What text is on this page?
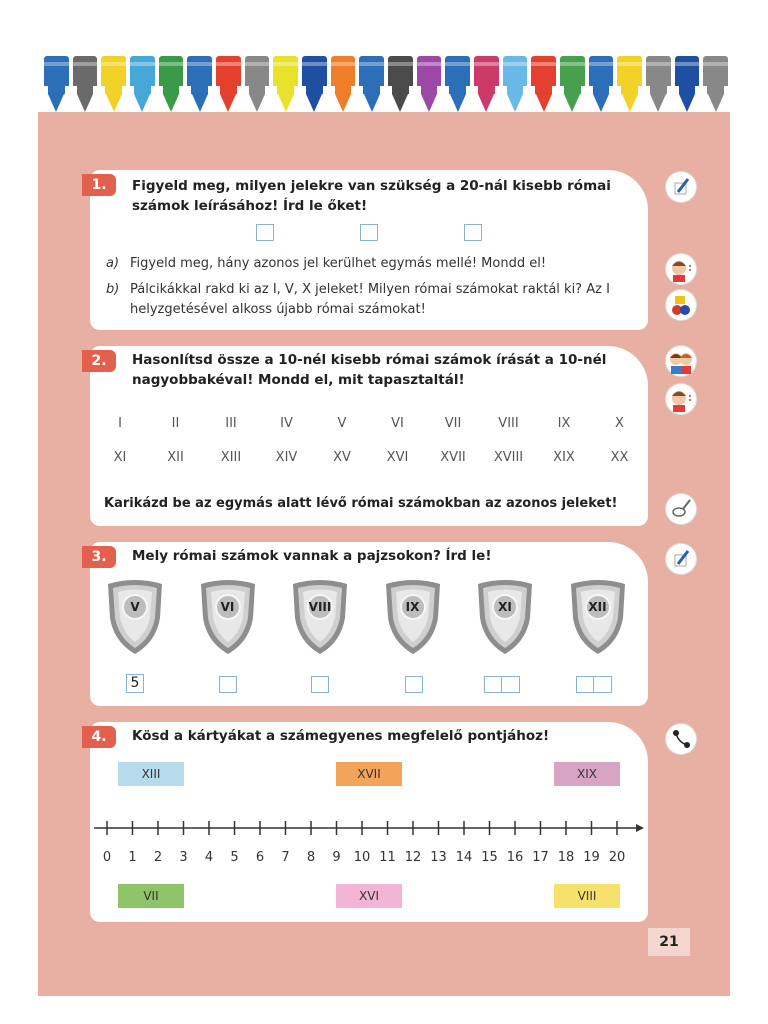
1 .	Figyeld meg, milyen jelekre van szükség a 20-nál kisebb római számok leírásához! Írd le őket!
a) Figyeld meg, hány azonos jel kerülhet egymás mellé! Mondd el!
b) Pálcikákkal rakd ki az I, V, X jeleket! Milyen római számokat raktál ki? Az I helyzgetésével alkoss újabb római számokat!
2 .	Hasonlítsd össze a 10-nél kisebb római számok írását a 10-nél nagyobbakéval! Mondd el, mit tapasztaltál!
I	II	III	IV	V	VI	VII	VIII	IX	X
XI	XII	XIII	XIV	XV	XVI XVII XVIII XIX	XX
Karikázd be az egymás alatt lévő római számokban az azonos jeleket!
3 .	Mely római számok vannak a pajzsokon? Írd le!
V	VI	VIII	IX	XI	XII
5
4 .	Kösd a kártyákat a számegyenes megfelelő pontjához!
XIII	XVII	XIX
VII	XVI	VIII
0 1 2 3 4 5 6 7 8 9 10 11 12 13 14 15 16 17 18 19 20
21
